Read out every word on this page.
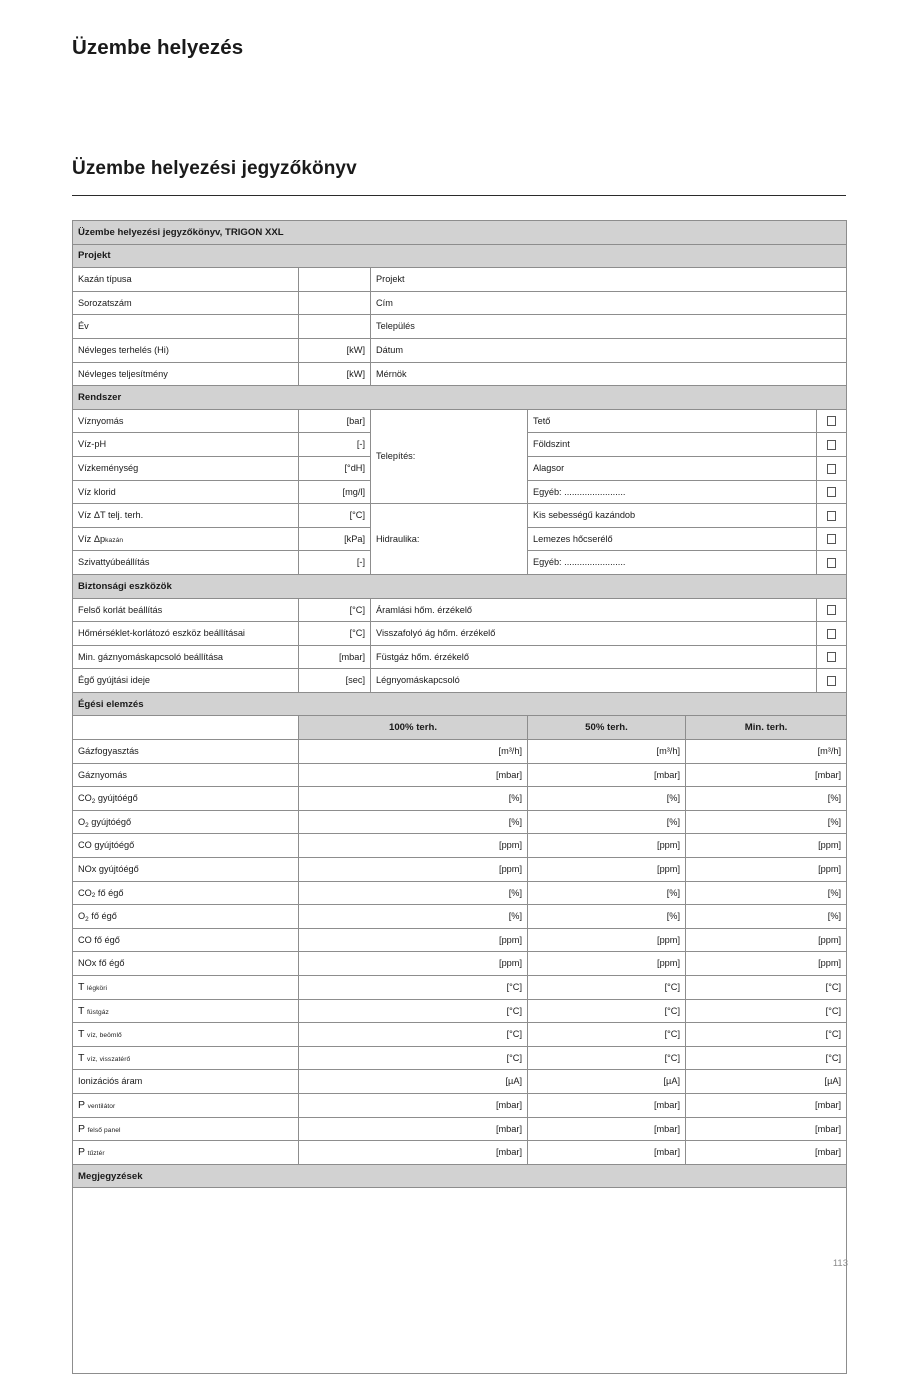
Üzembe helyezés
Üzembe helyezési jegyzőkönyv
Üzembe helyezési jegyzőkönyv, TRIGON XXL					
Projekt					
Kazán típusa		Projekt			
Sorozatszám		Cím			
Év		Település			
Névleges terhelés (Hi)	[kW]	Dátum			
Névleges teljesítmény	[kW]	Mérnök			
Rendszer					
Víznyomás	[bar]	Telepítés:	Tető		
Víz-pH	[-]		Földszint		
Vízkeménység	[°dH]		Alagsor		
Víz klorid	[mg/l]		Egyéb: ........................		
Víz ΔT telj. terh.	[°C]	Hidraulika:	Kis sebességű kazándob		
Víz Δpkazán	[kPa]		Lemezes hőcserélő		
Szivattyúbeállítás	[-]		Egyéb: ........................		
Biztonsági eszközök					
Felső korlát beállítás	[°C]	Áramlási hőm. érzékelő			
Hőmérséklet-korlátozó eszköz beállításai	[°C]	Visszafolyó ág hőm. érzékelő			
Min. gáznyomáskapcsoló beállítása	[mbar]	Füstgáz hőm. érzékelő			
Égő gyújtási ideje	[sec]	Légnyomáskapcsoló			
Égési elemzés					
	100% terh.		50% terh.	Min. terh.	
Gázfogyasztás	[m³/h]		[m³/h]	[m³/h]	
Gáznyomás	[mbar]		[mbar]	[mbar]	
$CO_2$ gyújtóégő	[%]		[%]	[%]	
$O_2$ gyújtóégő	[%]		[%]	[%]	
CO gyújtóégő	[ppm]		[ppm]	[ppm]	
NOx gyújtóégő	[ppm]		[ppm]	[ppm]	
$CO_2$ fő égő	[%]		[%]	[%]	
$O_2$ fő égő	[%]		[%]	[%]	
CO fő égő	[ppm]		[ppm]	[ppm]	
NOx fő égő	[ppm]		[ppm]	[ppm]	
T légköri	[°C]		[°C]	[°C]	
T füstgáz	[°C]		[°C]	[°C]	
T víz, beömlő	[°C]		[°C]	[°C]	
T víz, visszatérő	[°C]		[°C]	[°C]	
Ionizációs áram	[µA]		[µA]	[µA]	
P ventilátor	[mbar]		[mbar]	[mbar]	
P felső panel	[mbar]		[mbar]	[mbar]	
P tűztér	[mbar]		[mbar]	[mbar]	
Megjegyzések					

113
